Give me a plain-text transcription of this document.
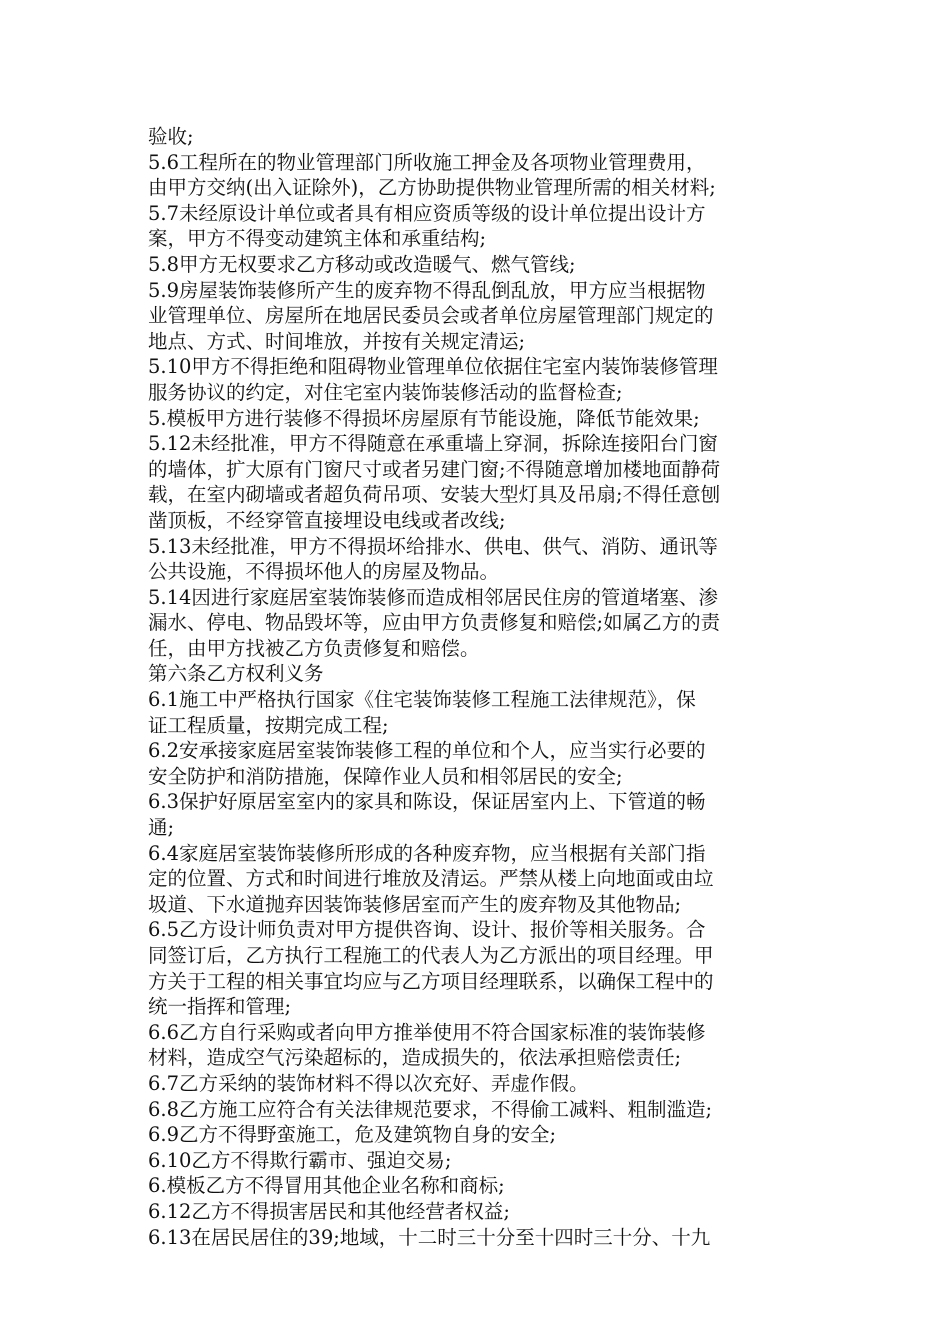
验收;
5.6工程所在的物业管理部门所收施工押金及各项物业管理费用，
由甲方交纳(出入证除外)，乙方协助提供物业管理所需的相关材料;
5.7未经原设计单位或者具有相应资质等级的设计单位提出设计方
案，甲方不得变动建筑主体和承重结构;
5.8甲方无权要求乙方移动或改造暖气、燃气管线;
5.9房屋装饰装修所产生的废弃物不得乱倒乱放，甲方应当根据物
业管理单位、房屋所在地居民委员会或者单位房屋管理部门规定的
地点、方式、时间堆放，并按有关规定清运;
5.10甲方不得拒绝和阻碍物业管理单位依据住宅室内装饰装修管理
服务协议的约定，对住宅室内装饰装修活动的监督检查;
5.模板甲方进行装修不得损坏房屋原有节能设施，降低节能效果;
5.12未经批准，甲方不得随意在承重墙上穿洞，拆除连接阳台门窗
的墙体，扩大原有门窗尺寸或者另建门窗;不得随意增加楼地面静荷
载，在室内砌墙或者超负荷吊项、安装大型灯具及吊扇;不得任意刨
凿顶板，不经穿管直接埋设电线或者改线;
5.13未经批准，甲方不得损坏给排水、供电、供气、消防、通讯等
公共设施，不得损坏他人的房屋及物品。
5.14因进行家庭居室装饰装修而造成相邻居民住房的管道堵塞、渗
漏水、停电、物品毁坏等，应由甲方负责修复和赔偿;如属乙方的责
任，由甲方找被乙方负责修复和赔偿。
第六条乙方权利义务
6.1施工中严格执行国家《住宅装饰装修工程施工法律规范》，保
证工程质量，按期完成工程;
6.2安承接家庭居室装饰装修工程的单位和个人，应当实行必要的
安全防护和消防措施，保障作业人员和相邻居民的安全;
6.3保护好原居室室内的家具和陈设，保证居室内上、下管道的畅
通;
6.4家庭居室装饰装修所形成的各种废弃物，应当根据有关部门指
定的位置、方式和时间进行堆放及清运。严禁从楼上向地面或由垃
圾道、下水道抛弃因装饰装修居室而产生的废弃物及其他物品;
6.5乙方设计师负责对甲方提供咨询、设计、报价等相关服务。合
同签订后，乙方执行工程施工的代表人为乙方派出的项目经理。甲
方关于工程的相关事宜均应与乙方项目经理联系，以确保工程中的
统一指挥和管理;
6.6乙方自行采购或者向甲方推举使用不符合国家标准的装饰装修
材料，造成空气污染超标的，造成损失的，依法承担赔偿责任;
6.7乙方采纳的装饰材料不得以次充好、弄虚作假。
6.8乙方施工应符合有关法律规范要求，不得偷工减料、粗制滥造;
6.9乙方不得野蛮施工，危及建筑物自身的安全;
6.10乙方不得欺行霸市、强迫交易;
6.模板乙方不得冒用其他企业名称和商标;
6.12乙方不得损害居民和其他经营者权益;
6.13在居民居住的39;地域，十二时三十分至十四时三十分、十九
